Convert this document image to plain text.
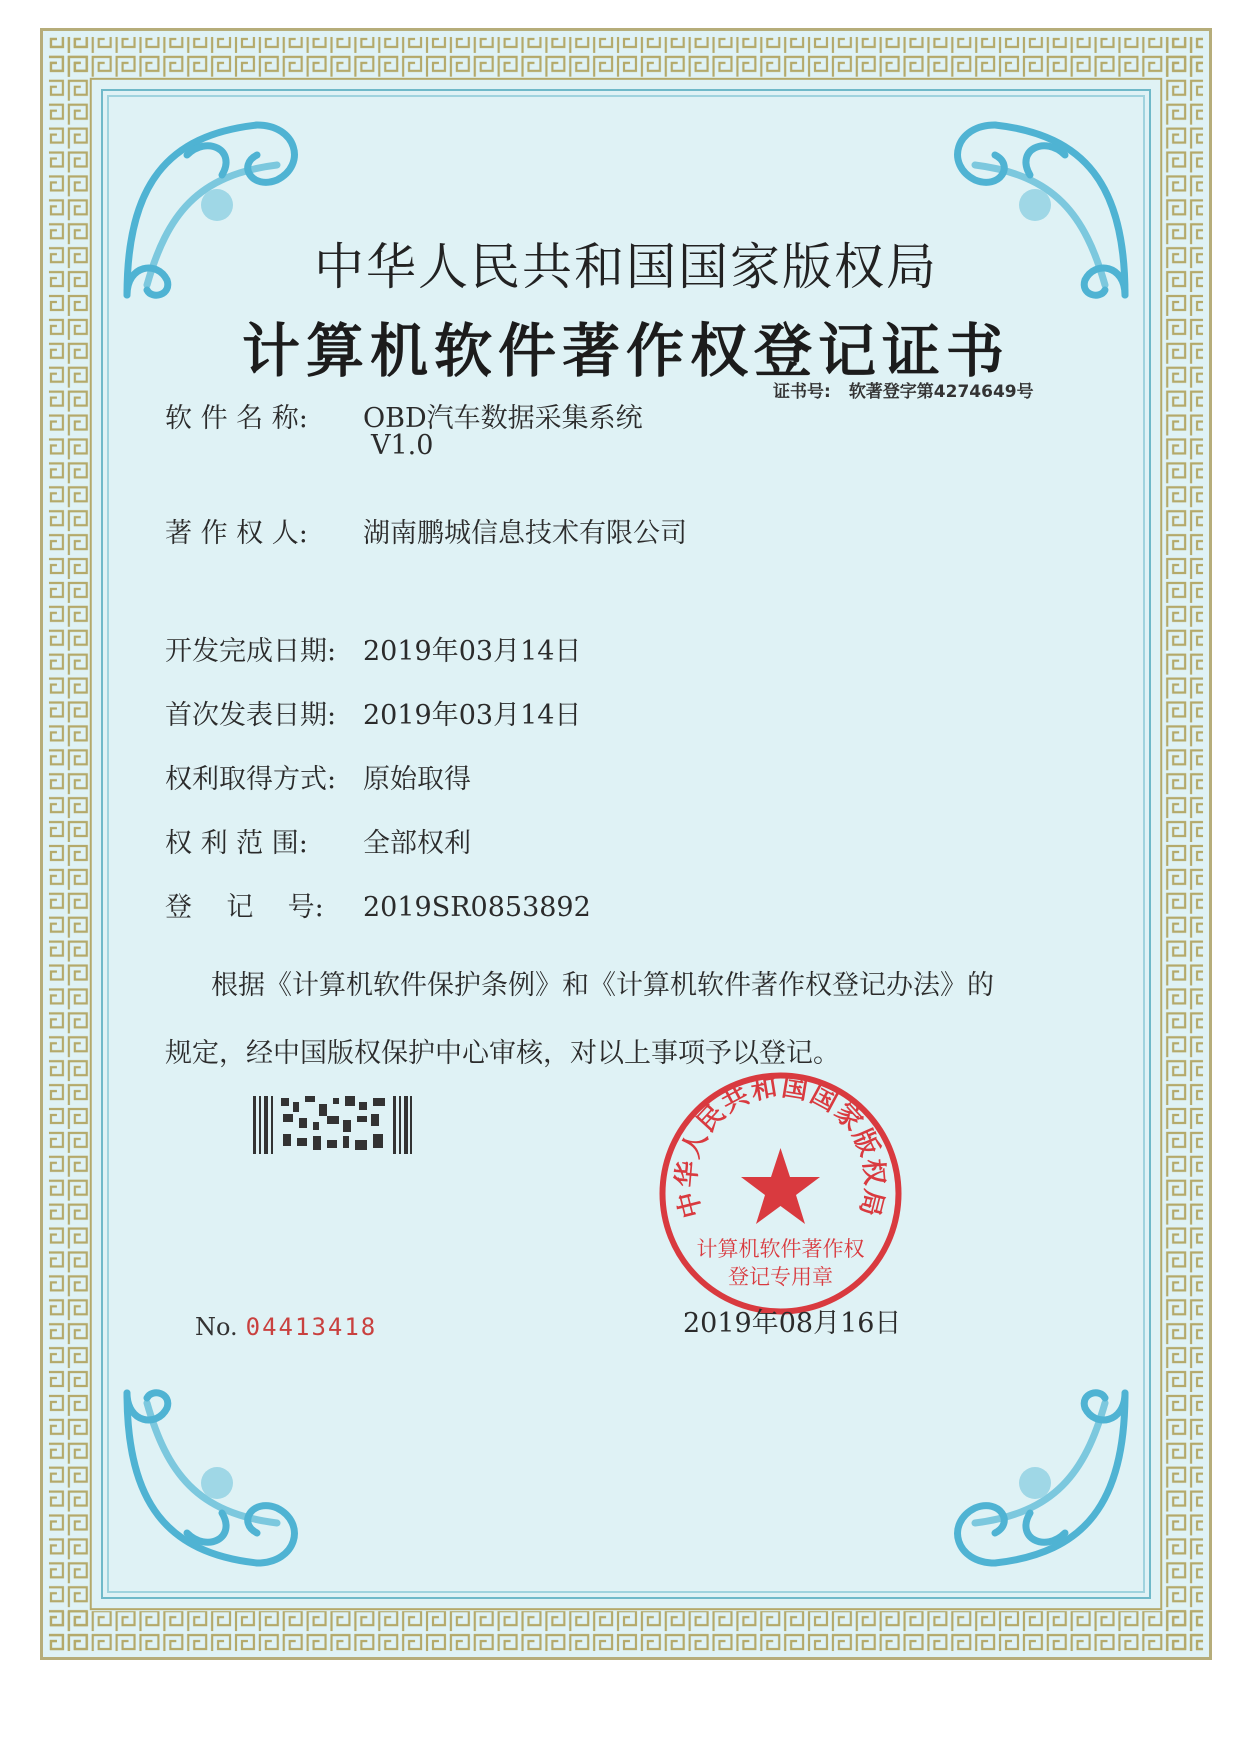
中华人民共和国国家版权局
计算机软件著作权登记证书
证书号: 软著登字第4274649号
软 件 名 称: OBD汽车数据采集系统
V1.0
著 作 权 人: 湖南鹏城信息技术有限公司
开发完成日期: 2019年03月14日
首次发表日期: 2019年03月14日
权利取得方式: 原始取得
权 利 范 围: 全部权利
登    记    号: 2019SR0853892
根据《计算机软件保护条例》和《计算机软件著作权登记办法》的
规定，经中国版权保护中心审核，对以上事项予以登记。
中华人民共和国国家版权局
计算机软件著作权
登记专用章
No. 04413418	2019年08月16日
